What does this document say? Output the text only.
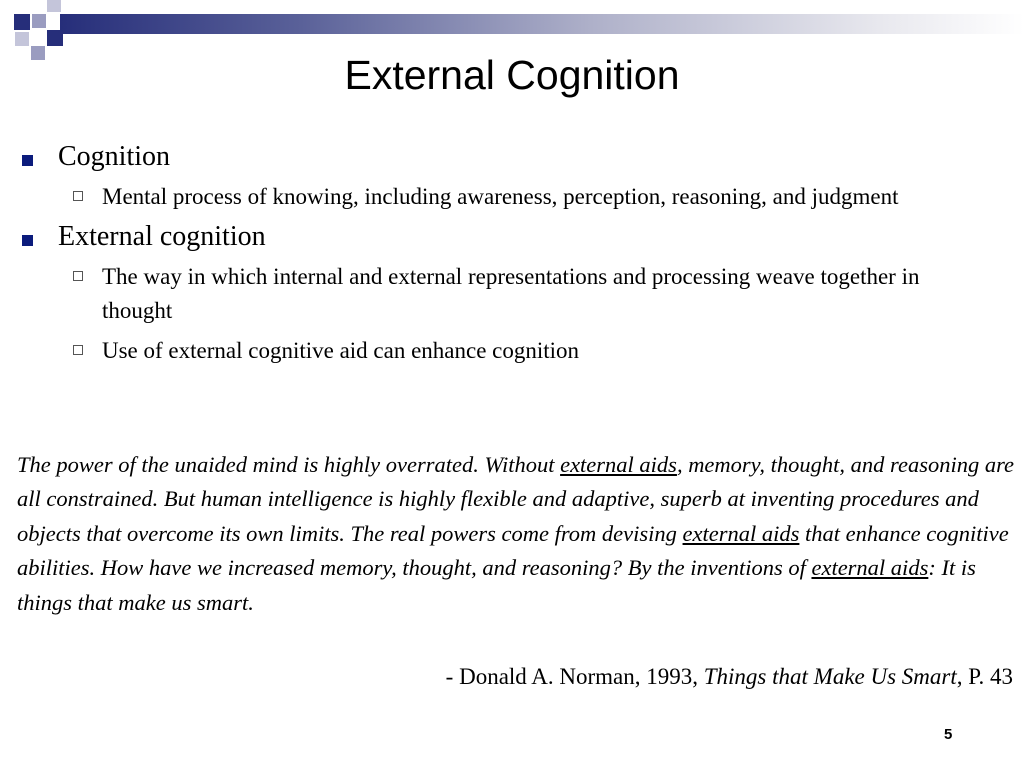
External Cognition
Cognition
Mental process of knowing, including awareness, perception, reasoning, and judgment
External cognition
The way in which internal and external representations and processing weave together in thought
Use of external cognitive aid can enhance cognition
The power of the unaided mind is highly overrated. Without external aids, memory, thought, and reasoning are all constrained. But human intelligence is highly flexible and adaptive, superb at inventing procedures and objects that overcome its own limits. The real powers come from devising external aids that enhance cognitive abilities. How have we increased memory, thought, and reasoning? By the inventions of external aids: It is things that make us smart.
- Donald A. Norman, 1993, Things that Make Us Smart, P. 43
5
